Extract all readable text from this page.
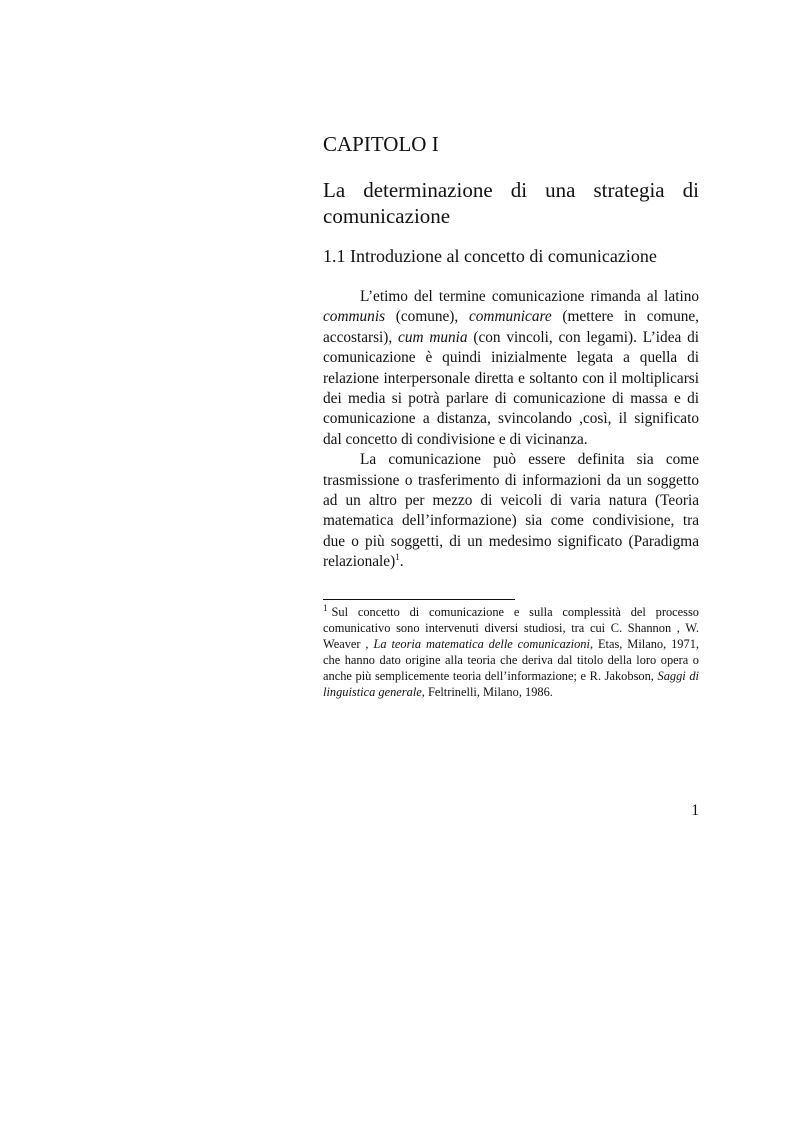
CAPITOLO I
La determinazione di una strategia di comunicazione
1.1 Introduzione al concetto di comunicazione

L’etimo del termine comunicazione rimanda al latino communis (comune), communicare (mettere in comune, accostarsi), cum munia (con vincoli, con legami). L’idea di comunicazione è quindi inizialmente legata a quella di relazione interpersonale diretta e soltanto con il moltiplicarsi dei media si potrà parlare di comunicazione di massa e di comunicazione a distanza, svincolando ,così, il significato dal concetto di condivisione e di vicinanza.

La comunicazione può essere definita sia come trasmissione o trasferimento di informazioni da un soggetto ad un altro per mezzo di veicoli di varia natura (Teoria matematica dell’informazione) sia come condivisione, tra due o più soggetti, di un medesimo significato (Paradigma relazionale)$^1$.

$^1$ Sul concetto di comunicazione e sulla complessità del processo comunicativo sono intervenuti diversi studiosi, tra cui C. Shannon , W. Weaver , La teoria matematica delle comunicazioni, Etas, Milano, 1971, che hanno dato origine alla teoria che deriva dal titolo della loro opera o anche più semplicemente teoria dell’informazione; e R. Jakobson, Saggi di linguistica generale, Feltrinelli, Milano, 1986.
1
